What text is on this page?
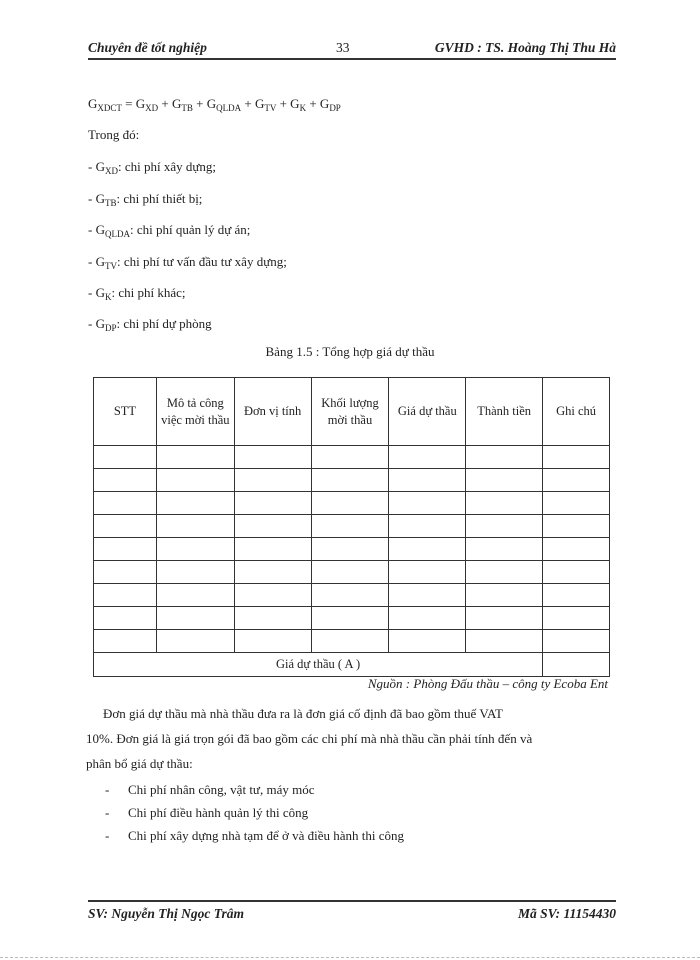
Chuyên đề tốt nghiệp	33	GVHD : TS. Hoàng Thị Thu Hà
$G_{XDCT} = G_{XD} + G_{TB} + G_{QLDA} + G_{TV} + G_K + G_{DP}$
Trong đó:
- $G_{XD}$: chi phí xây dựng;
- $G_{TB}$: chi phí thiết bị;
- $G_{QLDA}$: chi phí quản lý dự án;
- $G_{TV}$: chi phí tư vấn đầu tư xây dựng;
- $G_K$: chi phí khác;
- $G_{DP}$: chi phí dự phòng
Bảng 1.5 : Tổng hợp giá dự thầu
STT	Mô tả công việc mời thầu	Đơn vị tính	Khối lượng mời thầu	Giá dự thầu	Thành tiền	Ghi chú

Giá dự thầu ( A )						
Nguồn : Phòng Đấu thầu – công ty Ecoba Ent
Đơn giá dự thầu mà nhà thầu đưa ra là đơn giá cố định đã bao gồm thuế VAT
10%. Đơn giá là giá trọn gói đã bao gồm các chi phí mà nhà thầu cần phải tính đến và
phân bổ giá dự thầu:
- Chi phí nhân công, vật tư, máy móc
- Chi phí điều hành quản lý thi công
- Chi phí xây dựng nhà tạm để ở và điều hành thi công
SV: Nguyễn Thị Ngọc Trâm	Mã SV: 11154430
